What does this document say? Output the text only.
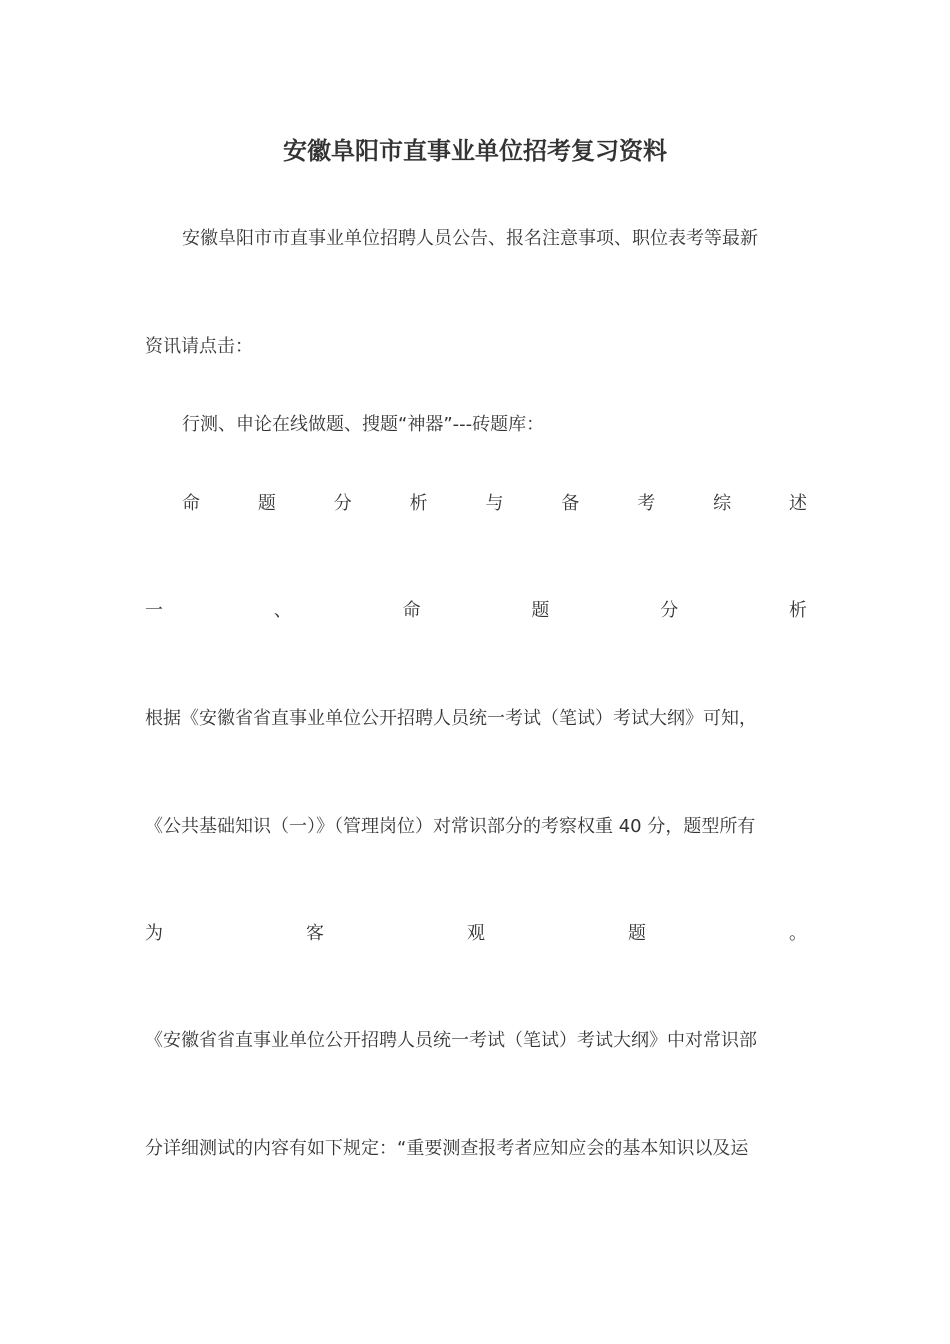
安徽阜阳市直事业单位招考复习资料
安徽阜阳市市直事业单位招聘人员公告、报名注意事项、职位表考等最新
资讯请点击：
行测、申论在线做题、搜题“神器”---砖题库：
命	题	分	析	与	备	考	综	述
一	、	命	题	分	析
根据《安徽省省直事业单位公开招聘人员统一考试（笔试）考试大纲》可知，
《公共基础知识（一）》（管理岗位）对常识部分的考察权重 40 分，题型所有
为	客	观	题	。
《安徽省省直事业单位公开招聘人员统一考试（笔试）考试大纲》中对常识部
分详细测试的内容有如下规定：“重要测查报考者应知应会的基本知识以及运
